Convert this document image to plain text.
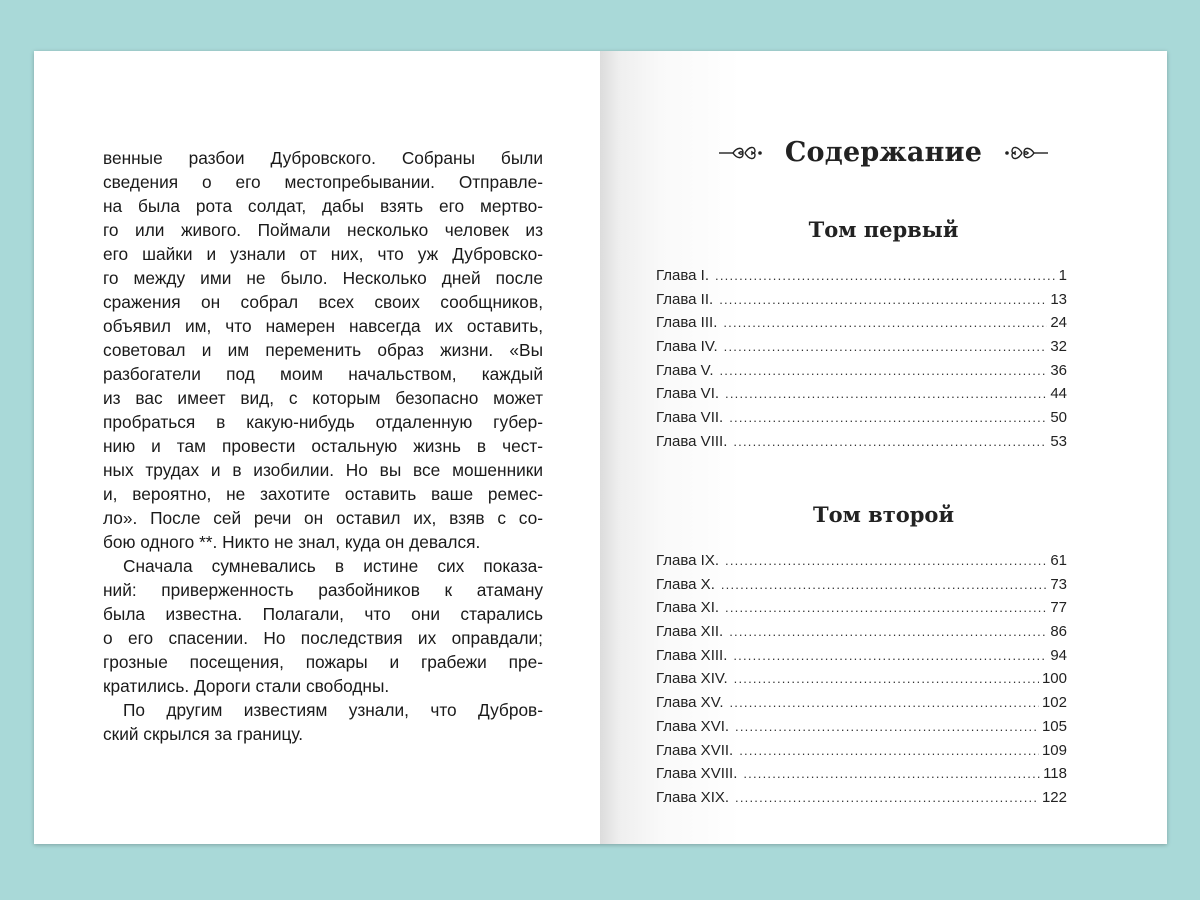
венные разбои Дубровского. Собраны были
сведения о его местопребывании. Отправле-
на была рота солдат, дабы взять его мертво-
го или живого. Поймали несколько человек из
его шайки и узнали от них, что уж Дубровско-
го между ими не было. Несколько дней после
сражения он собрал всех своих сообщников,
объявил им, что намерен навсегда их оставить,
советовал и им переменить образ жизни. «Вы
разбогатели под моим начальством, каждый
из вас имеет вид, с которым безопасно может
пробраться в какую-нибудь отдаленную губер-
нию и там провести остальную жизнь в чест-
ных трудах и в изобилии. Но вы все мошенники
и, вероятно, не захотите оставить ваше ремес-
ло». После сей речи он оставил их, взяв с со-
бою одного **. Никто не знал, куда он девался.
Сначала сумневались в истине сих показа-
ний: приверженность разбойников к атаману
была известна. Полагали, что они старались
о его спасении. Но последствия их оправдали;
грозные посещения, пожары и грабежи пре-
кратились. Дороги стали свободны.
По другим известиям узнали, что Дубров-
ский скрылся за границу.
Содержание
Том первый
Глава I. .....	1
Глава II. .....	13
Глава III. .....	24
Глава IV. .....	32
Глава V. .....	36
Глава VI. .....	44
Глава VII. .....	50
Глава VIII. .....	53
Том второй
Глава IX. .....	61
Глава X. .....	73
Глава XI. .....	77
Глава XII. .....	86
Глава XIII. .....	94
Глава XIV. .....	100
Глава XV. .....	102
Глава XVI. .....	105
Глава XVII. .....	109
Глава XVIII. .....	118
Глава XIX. .....	122
